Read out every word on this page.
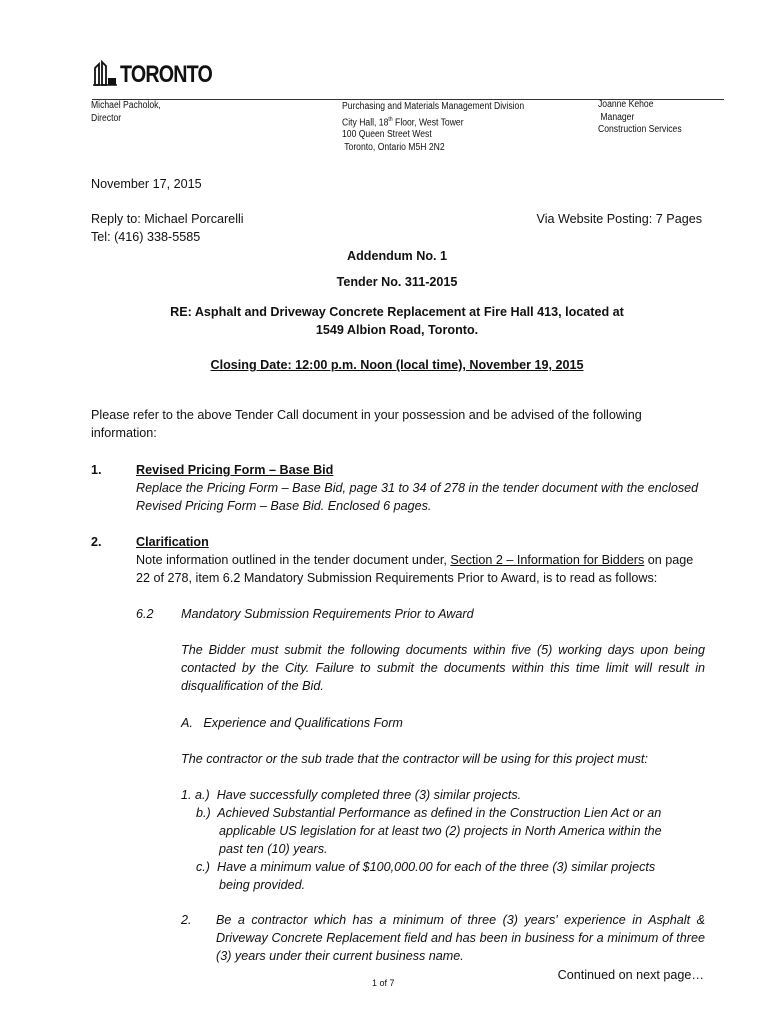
TORONTO
Michael Pacholok,
Director
Purchasing and Materials Management Division
City Hall, 18th Floor, West Tower
100 Queen Street West
Toronto, Ontario M5H 2N2
Joanne Kehoe
Manager
Construction Services
November 17, 2015
Reply to: Michael Porcarelli
Tel: (416) 338-5585
Via Website Posting: 7 Pages
Addendum No. 1
Tender No. 311-2015
RE: Asphalt and Driveway Concrete Replacement at Fire Hall 413, located at
1549 Albion Road, Toronto.
Closing Date: 12:00 p.m. Noon (local time), November 19, 2015
Please refer to the above Tender Call document in your possession and be advised of the following information:
1.	Revised Pricing Form – Base Bid
Replace the Pricing Form – Base Bid, page 31 to 34 of 278 in the tender document with the enclosed Revised Pricing Form – Base Bid. Enclosed 6 pages.
2.	Clarification
Note information outlined in the tender document under, Section 2 – Information for Bidders on page 22 of 278, item 6.2 Mandatory Submission Requirements Prior to Award, is to read as follows:
6.2 Mandatory Submission Requirements Prior to Award
The Bidder must submit the following documents within five (5) working days upon being contacted by the City. Failure to submit the documents within this time limit will result in disqualification of the Bid.
A.   Experience and Qualifications Form
The contractor or the sub trade that the contractor will be using for this project must:
1. a.)  Have successfully completed three (3) similar projects.
b.)  Achieved Substantial Performance as defined in the Construction Lien Act or an
applicable US legislation for at least two (2) projects in North America within the
past ten (10) years.
c.)  Have a minimum value of $100,000.00 for each of the three (3) similar projects
being provided.
2. Be a contractor which has a minimum of three (3) years' experience in Asphalt & Driveway Concrete Replacement field and has been in business for a minimum of three (3) years under their current business name.
Continued on next page…
1 of 7
